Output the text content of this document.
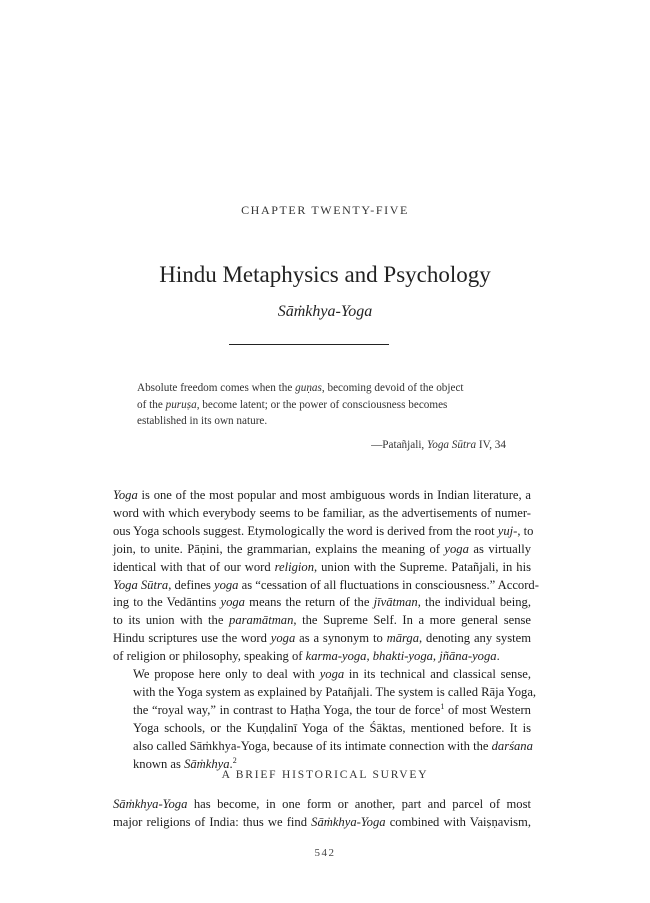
CHAPTER TWENTY-FIVE
Hindu Metaphysics and Psychology
Sāṁkhya-Yoga

Absolute freedom comes when the guṇas, becoming devoid of the object
of the puruṣa, become latent; or the power of consciousness becomes
established in its own nature.

—Patañjali, Yoga Sūtra IV, 34

Yoga is one of the most popular and most ambiguous words in Indian literature, a
word with which everybody seems to be familiar, as the advertisements of numer-
ous Yoga schools suggest. Etymologically the word is derived from the root yuj-, to
join, to unite. Pāṇini, the grammarian, explains the meaning of yoga as virtually
identical with that of our word religion, union with the Supreme. Patañjali, in his
Yoga Sūtra, defines yoga as “cessation of all fluctuations in consciousness.” Accord-
ing to the Vedāntins yoga means the return of the jīvātman, the individual being,
to its union with the paramātman, the Supreme Self. In a more general sense
Hindu scriptures use the word yoga as a synonym to mārga, denoting any system
of religion or philosophy, speaking of karma-yoga, bhakti-yoga, jñāna-yoga.

We propose here only to deal with yoga in its technical and classical sense,
with the Yoga system as explained by Patañjali. The system is called Rāja Yoga,
the “royal way,” in contrast to Haṭha Yoga, the tour de force$^1$ of most Western
Yoga schools, or the Kuṇḍalinī Yoga of the Śāktas, mentioned before. It is
also called Sāṁkhya-Yoga, because of its intimate connection with the darśana
known as Sāṁkhya.$^2$

A BRIEF HISTORICAL SURVEY

Sāṁkhya-Yoga has become, in one form or another, part and parcel of most
major religions of India: thus we find Sāṁkhya-Yoga combined with Vaiṣṇavism,

542
